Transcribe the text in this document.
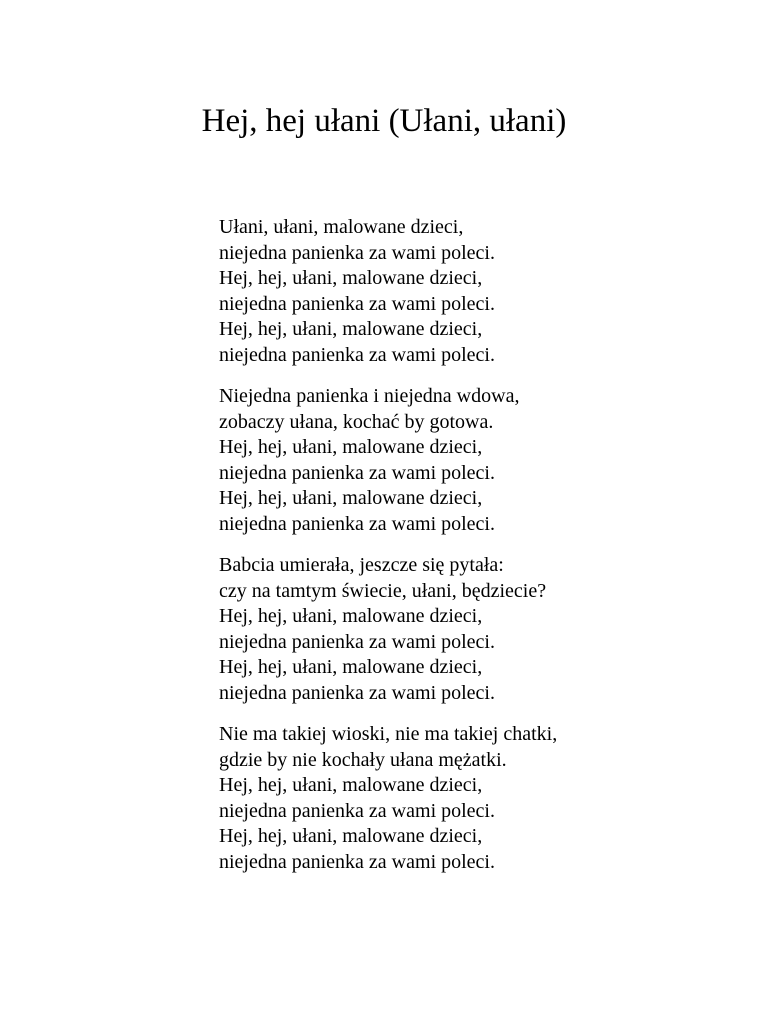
Hej, hej ułani (Ułani, ułani)
Ułani, ułani, malowane dzieci,
niejedna panienka za wami poleci.
Hej, hej, ułani, malowane dzieci,
niejedna panienka za wami poleci.
Hej, hej, ułani, malowane dzieci,
niejedna panienka za wami poleci.
Niejedna panienka i niejedna wdowa,
zobaczy ułana, kochać by gotowa.
Hej, hej, ułani, malowane dzieci,
niejedna panienka za wami poleci.
Hej, hej, ułani, malowane dzieci,
niejedna panienka za wami poleci.
Babcia umierała, jeszcze się pytała:
czy na tamtym świecie, ułani, będziecie?
Hej, hej, ułani, malowane dzieci,
niejedna panienka za wami poleci.
Hej, hej, ułani, malowane dzieci,
niejedna panienka za wami poleci.
Nie ma takiej wioski, nie ma takiej chatki,
gdzie by nie kochały ułana mężatki.
Hej, hej, ułani, malowane dzieci,
niejedna panienka za wami poleci.
Hej, hej, ułani, malowane dzieci,
niejedna panienka za wami poleci.
